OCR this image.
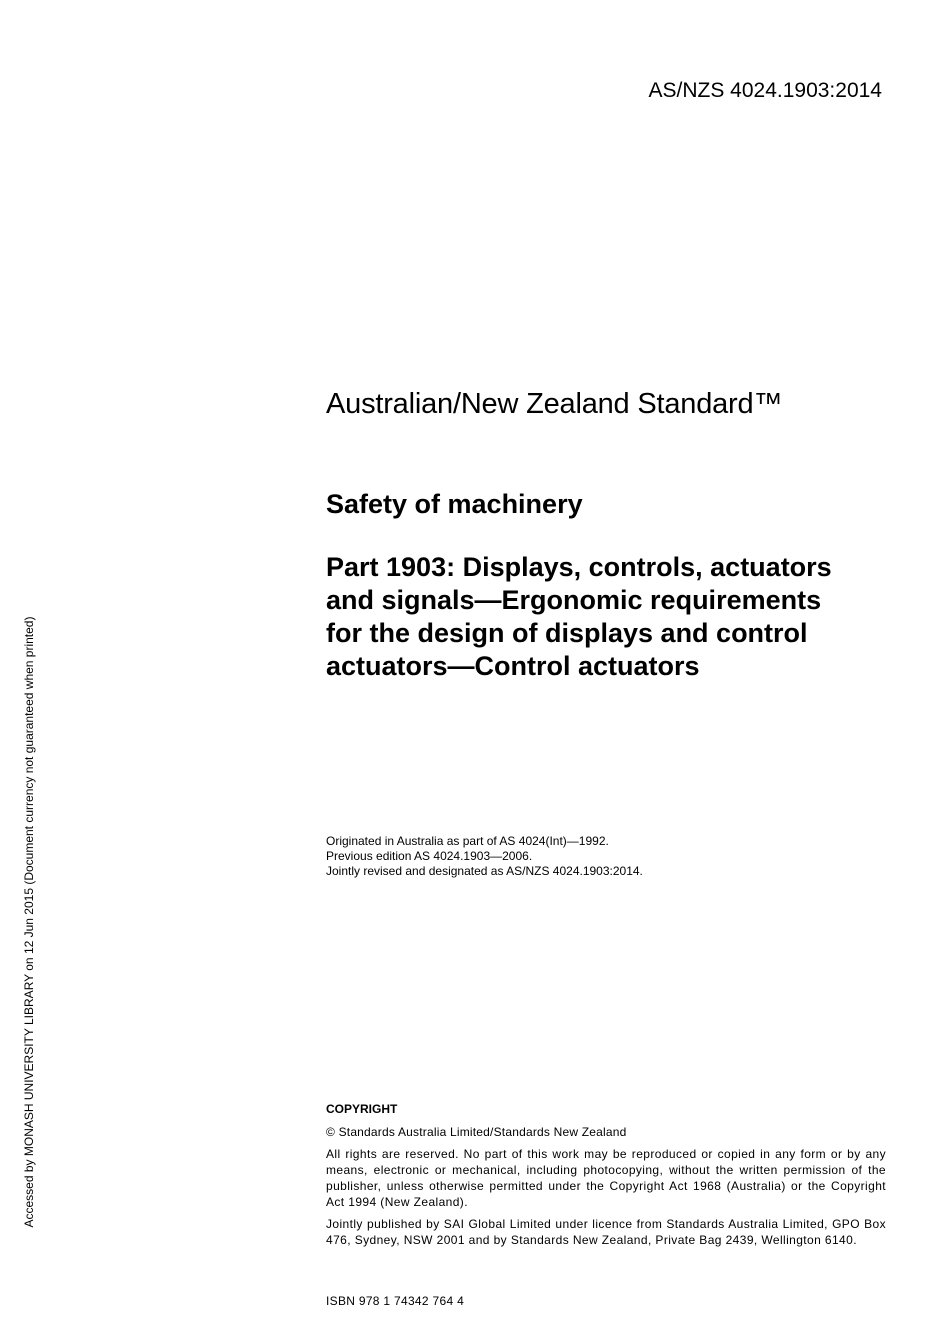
AS/NZS 4024.1903:2014
Australian/New Zealand Standard™
Safety of machinery
Part 1903: Displays, controls, actuators
and signals—Ergonomic requirements
for the design of displays and control
actuators—Control actuators
Originated in Australia as part of AS 4024(Int)—1992.
Previous edition AS 4024.1903—2006.
Jointly revised and designated as AS/NZS 4024.1903:2014.
COPYRIGHT

© Standards Australia Limited/Standards New Zealand

All rights are reserved. No part of this work may be reproduced or copied in any form or by any means, electronic or mechanical, including photocopying, without the written permission of the publisher, unless otherwise permitted under the Copyright Act 1968 (Australia) or the Copyright Act 1994 (New Zealand).

Jointly published by SAI Global Limited under licence from Standards Australia Limited, GPO Box 476, Sydney, NSW 2001 and by Standards New Zealand, Private Bag 2439, Wellington 6140.

ISBN 978 1 74342 764 4
Accessed by MONASH UNIVERSITY LIBRARY on 12 Jun 2015 (Document currency not guaranteed when printed)
